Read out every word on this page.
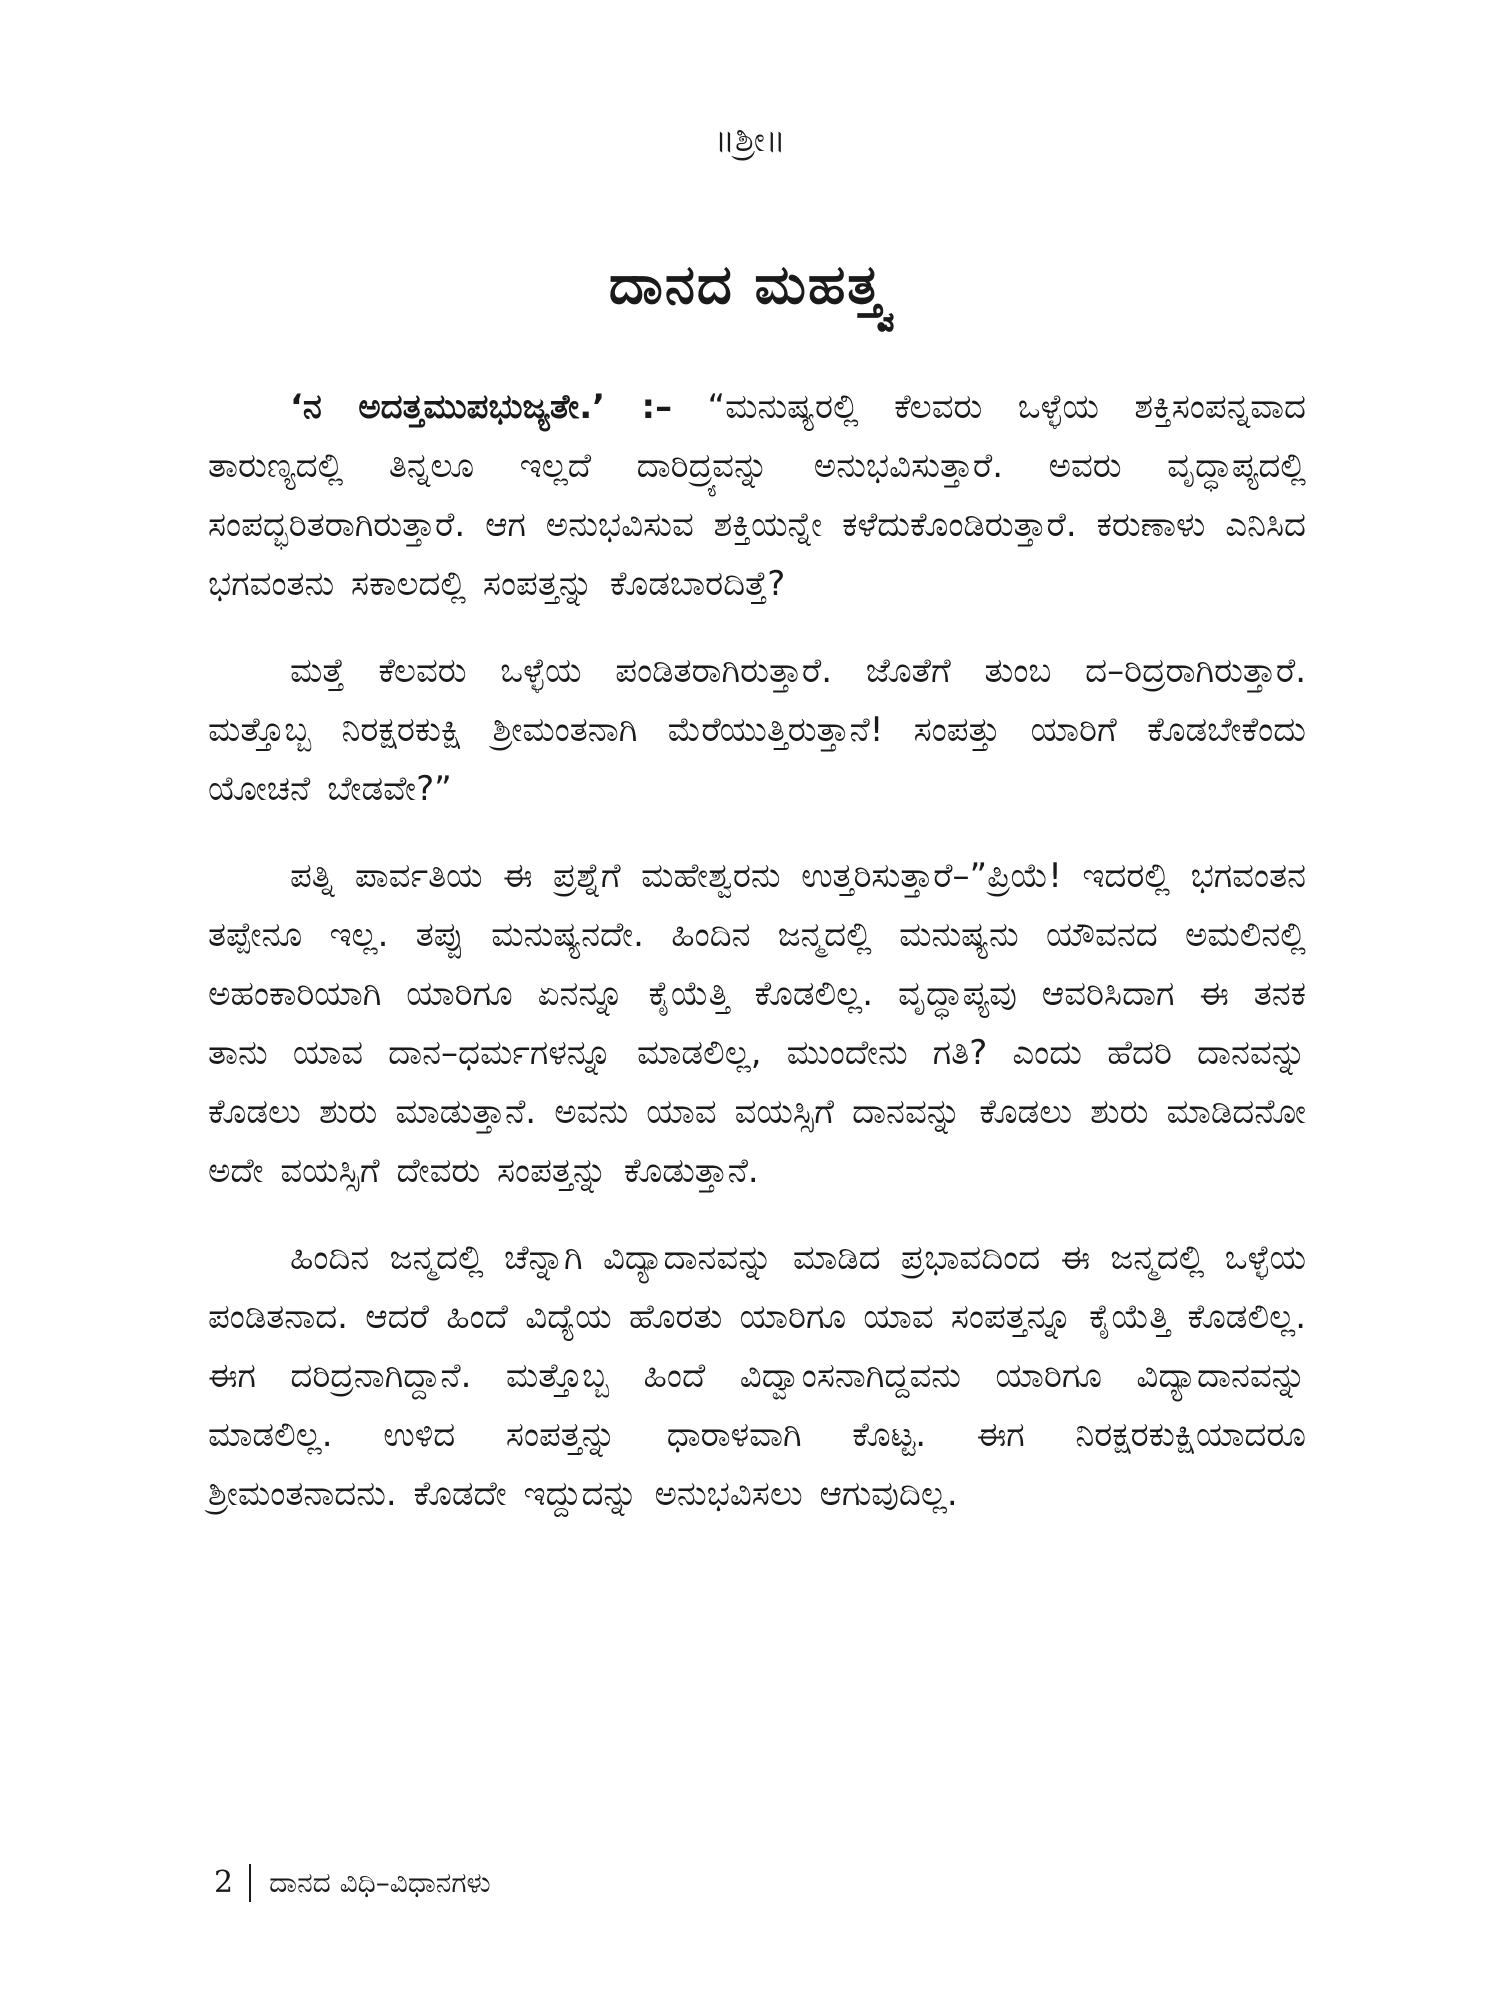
॥ಶ್ರೀ॥
ದಾನದ ಮಹತ್ತ್ವ

‘ನ ಅದತ್ತಮುಪಭುಜ್ಯತೇ.’ :– “ಮನುಷ್ಯರಲ್ಲಿ ಕೆಲವರು ಒಳ್ಳೆಯ ಶಕ್ತಿಸಂಪನ್ನವಾದ ತಾರುಣ್ಯದಲ್ಲಿ ತಿನ್ನಲೂ ಇಲ್ಲದೆ ದಾರಿದ್ರ್ಯವನ್ನು ಅನುಭವಿಸುತ್ತಾರೆ. ಅವರು ವೃದ್ಧಾಪ್ಯದಲ್ಲಿ ಸಂಪದ್ಭರಿತರಾಗಿರುತ್ತಾರೆ. ಆಗ ಅನುಭವಿಸುವ ಶಕ್ತಿಯನ್ನೇ ಕಳೆದುಕೊಂಡಿರುತ್ತಾರೆ. ಕರುಣಾಳು ಎನಿಸಿದ ಭಗವಂತನು ಸಕಾಲದಲ್ಲಿ ಸಂಪತ್ತನ್ನು ಕೊಡಬಾರದಿತ್ತೆ?

ಮತ್ತೆ ಕೆಲವರು ಒಳ್ಳೆಯ ಪಂಡಿತರಾಗಿರುತ್ತಾರೆ. ಜೊತೆಗೆ ತುಂಬ ದ–ರಿದ್ರರಾಗಿರುತ್ತಾರೆ. ಮತ್ತೊಬ್ಬ ನಿರಕ್ಷರಕುಕ್ಷಿ ಶ್ರೀಮಂತನಾಗಿ ಮೆರೆಯುತ್ತಿರುತ್ತಾನೆ! ಸಂಪತ್ತು ಯಾರಿಗೆ ಕೊಡಬೇಕೆಂದು ಯೋಚನೆ ಬೇಡವೇ?”

ಪತ್ನಿ ಪಾರ್ವತಿಯ ಈ ಪ್ರಶ್ನೆಗೆ ಮಹೇಶ್ವರನು ಉತ್ತರಿಸುತ್ತಾರೆ–”ಪ್ರಿಯೆ! ಇದರಲ್ಲಿ ಭಗವಂತನ ತಪ್ಪೇನೂ ಇಲ್ಲ. ತಪ್ಪು ಮನುಷ್ಯನದೇ. ಹಿಂದಿನ ಜನ್ಮದಲ್ಲಿ ಮನುಷ್ಯನು ಯೌವನದ ಅಮಲಿನಲ್ಲಿ ಅಹಂಕಾರಿಯಾಗಿ ಯಾರಿಗೂ ಏನನ್ನೂ ಕೈಯೆತ್ತಿ ಕೊಡಲಿಲ್ಲ. ವೃದ್ಧಾಪ್ಯವು ಆವರಿಸಿದಾಗ ಈ ತನಕ ತಾನು ಯಾವ ದಾನ–ಧರ್ಮಗಳನ್ನೂ ಮಾಡಲಿಲ್ಲ, ಮುಂದೇನು ಗತಿ? ಎಂದು ಹೆದರಿ ದಾನವನ್ನು ಕೊಡಲು ಶುರು ಮಾಡುತ್ತಾನೆ. ಅವನು ಯಾವ ವಯಸ್ಸಿಗೆ ದಾನವನ್ನು ಕೊಡಲು ಶುರು ಮಾಡಿದನೋ ಅದೇ ವಯಸ್ಸಿಗೆ ದೇವರು ಸಂಪತ್ತನ್ನು ಕೊಡುತ್ತಾನೆ.

ಹಿಂದಿನ ಜನ್ಮದಲ್ಲಿ ಚೆನ್ನಾಗಿ ವಿದ್ಯಾದಾನವನ್ನು ಮಾಡಿದ ಪ್ರಭಾವದಿಂದ ಈ ಜನ್ಮದಲ್ಲಿ ಒಳ್ಳೆಯ ಪಂಡಿತನಾದ. ಆದರೆ ಹಿಂದೆ ವಿದ್ಯೆಯ ಹೊರತು ಯಾರಿಗೂ ಯಾವ ಸಂಪತ್ತನ್ನೂ ಕೈಯೆತ್ತಿ ಕೊಡಲಿಲ್ಲ. ಈಗ ದರಿದ್ರನಾಗಿದ್ದಾನೆ. ಮತ್ತೊಬ್ಬ ಹಿಂದೆ ವಿದ್ವಾಂಸನಾಗಿದ್ದವನು ಯಾರಿಗೂ ವಿದ್ಯಾದಾನವನ್ನು ಮಾಡಲಿಲ್ಲ. ಉಳಿದ ಸಂಪತ್ತನ್ನು ಧಾರಾಳವಾಗಿ ಕೊಟ್ಟ. ಈಗ ನಿರಕ್ಷರಕುಕ್ಷಿಯಾದರೂ ಶ್ರೀಮಂತನಾದನು. ಕೊಡದೇ ಇದ್ದುದನ್ನು ಅನುಭವಿಸಲು ಆಗುವುದಿಲ್ಲ.

2 ದಾನದ ವಿಧಿ–ವಿಧಾನಗಳು
